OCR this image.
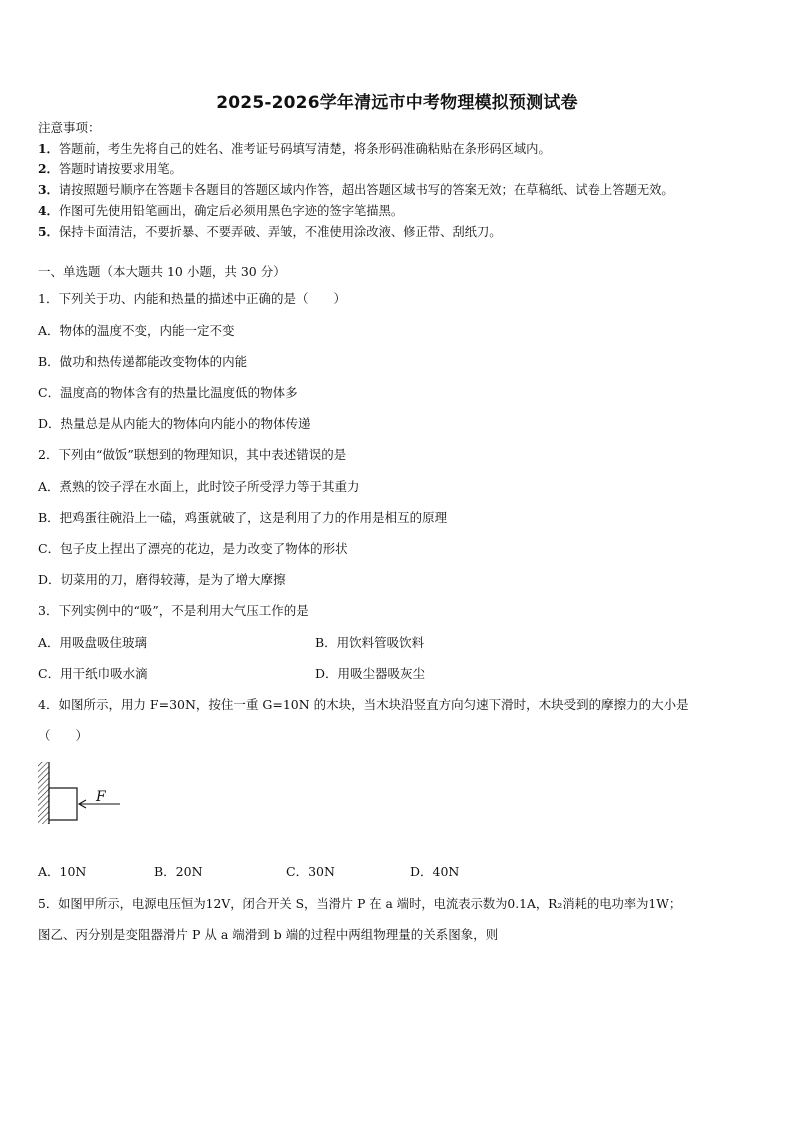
2025-2026学年清远市中考物理模拟预测试卷
注意事项：
1．答题前，考生先将自己的姓名、准考证号码填写清楚，将条形码准确粘贴在条形码区域内。
2．答题时请按要求用笔。
3．请按照题号顺序在答题卡各题目的答题区域内作答，超出答题区域书写的答案无效；在草稿纸、试卷上答题无效。
4．作图可先使用铅笔画出，确定后必须用黑色字迹的签字笔描黑。
5．保持卡面清洁，不要折暴、不要弄破、弄皱，不准使用涂改液、修正带、刮纸刀。
一、单选题（本大题共 10 小题，共 30 分）
1．下列关于功、内能和热量的描述中正确的是（　　）
A．物体的温度不变，内能一定不变
B．做功和热传递都能改变物体的内能
C．温度高的物体含有的热量比温度低的物体多
D．热量总是从内能大的物体向内能小的物体传递
2．下列由“做饭”联想到的物理知识，其中表述错误的是
A．煮熟的饺子浮在水面上，此时饺子所受浮力等于其重力
B．把鸡蛋往碗沿上一磕，鸡蛋就破了，这是利用了力的作用是相互的原理
C．包子皮上捏出了漂亮的花边，是力改变了物体的形状
D．切菜用的刀，磨得较薄，是为了增大摩擦
3．下列实例中的“吸”，不是利用大气压工作的是
A．用吸盘吸住玻璃	B．用饮料管吸饮料
C．用干纸巾吸水滴	D．用吸尘器吸灰尘
4．如图所示，用力 F=30N，按住一重 G=10N 的木块，当木块沿竖直方向匀速下滑时，木块受到的摩擦力的大小是
（　　）
F
A．10N	B．20N	C．30N	D．40N
5．如图甲所示，电源电压恒为12V，闭合开关 S，当滑片 P 在 a 端时，电流表示数为0.1A，R₂消耗的电功率为1W；
图乙、丙分别是变阻器滑片 P 从 a 端滑到 b 端的过程中两组物理量的关系图象，则
